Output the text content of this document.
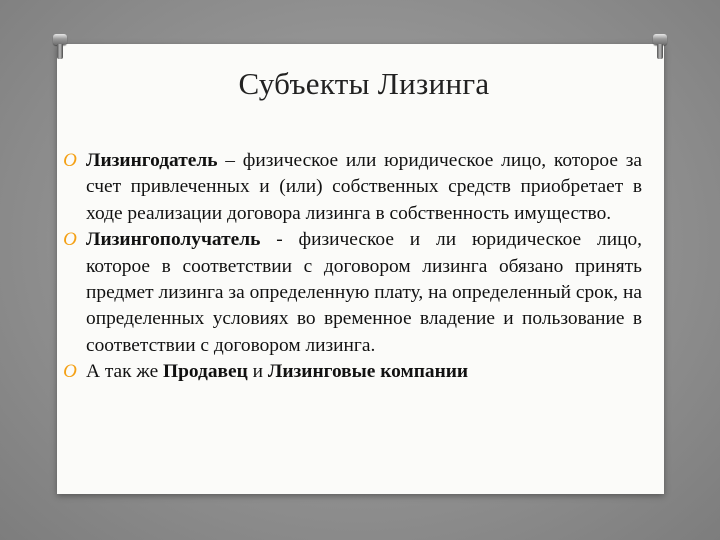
Субъекты Лизинга
O Лизингодатель – физическое или юридическое лицо, которое за счет привлеченных и (или) собственных средств приобретает в ходе реализации договора лизинга в собственность имущество.
O Лизингополучатель - физическое и ли юридическое лицо, которое в соответствии с договором лизинга обязано принять предмет лизинга за определенную плату, на определенный срок, на определенных условиях во временное владение и пользование в соответствии с договором лизинга.
O А так же Продавец и Лизинговые компании
